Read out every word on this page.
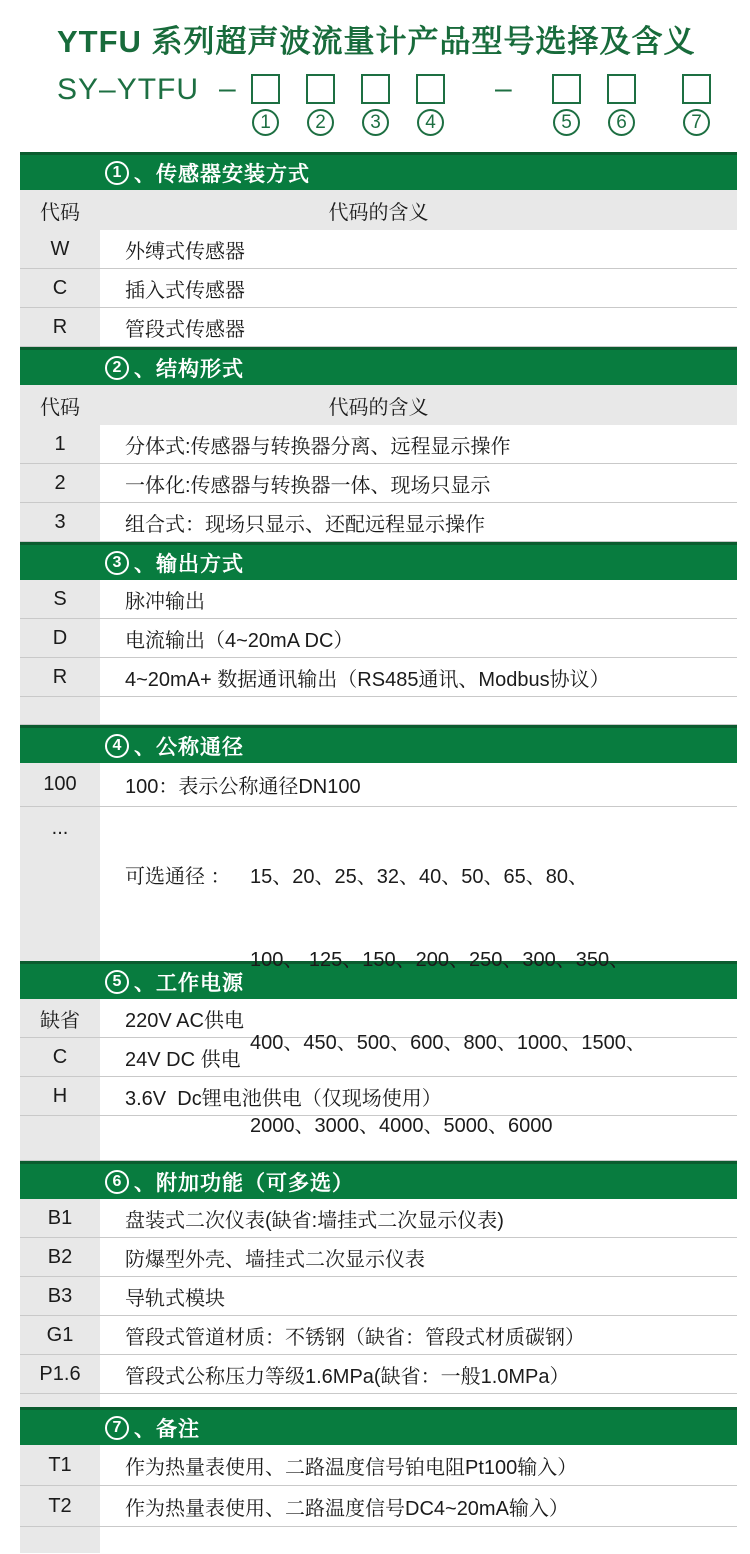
YTFU 系列超声波流量计产品型号选择及含义
SY–YTFU –
1	2	3	4
–
5	6	7
1 、传感器安装方式
代码	代码的含义
W	外缚式传感器
C	插入式传感器
R	管段式传感器
2 、结构形式
代码	代码的含义
1	分体式:传感器与转换器分离、远程显示操作
2	一体化:传感器与转换器一体、现场只显示
3	组合式：现场只显示、还配远程显示操作
3 、输出方式
S	脉冲输出
D	电流输出（4~20mA DC）
R	4~20mA+ 数据通讯输出（RS485通讯、Modbus协议）
4 、公称通径
100	100：表示公称通径DN100
...

可选通径 ： 15、20、25、32、40、50、65、80、

100、 125、150、200、250、300、350、

400、450、500、600、800、1000、1500、

2000、3000、4000、5000、6000

5 、工作电源
缺省	220V AC供电
C	24V DC 供电
H	3.6V  Dc锂电池供电（仅现场使用）
6 、附加功能（可多选）
B1	盘装式二次仪表(缺省:墙挂式二次显示仪表)
B2	防爆型外壳、墙挂式二次显示仪表
B3	导轨式模块
G1	管段式管道材质：不锈钢（缺省：管段式材质碳钢）
P1.6	管段式公称压力等级1.6MPa(缺省：一般1.0MPa）
7 、备注
T1	作为热量表使用、二路温度信号铂电阻Pt100输入）
T2	作为热量表使用、二路温度信号DC4~20mA输入）
